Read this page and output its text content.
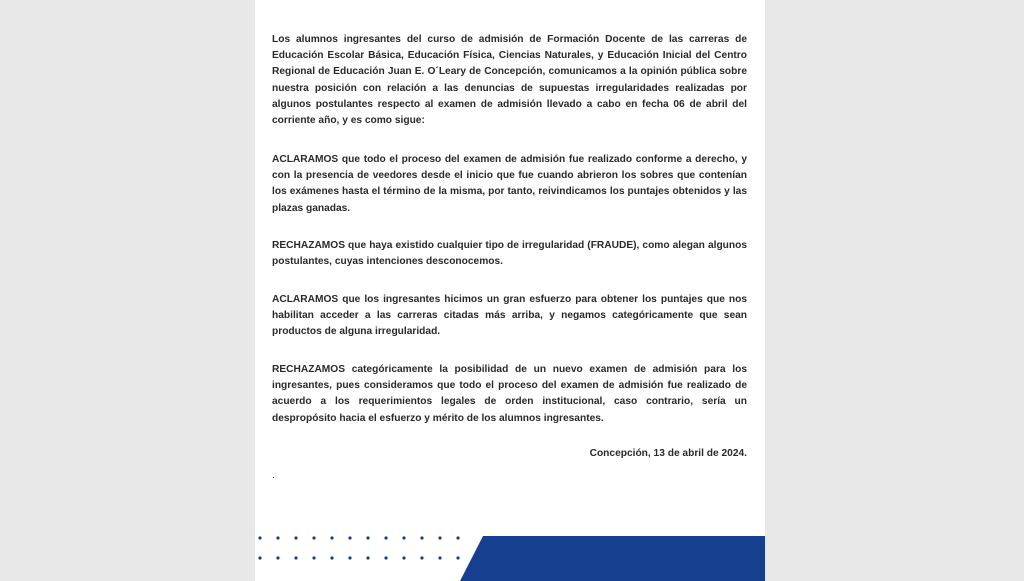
Los alumnos ingresantes del curso de admisión de Formación Docente de las carreras de Educación Escolar Básica, Educación Física, Ciencias Naturales, y Educación Inicial del Centro Regional de Educación Juan E. O´Leary de Concepción, comunicamos a la opinión pública sobre nuestra posición con relación a las denuncias de supuestas irregularidades realizadas por algunos postulantes respecto al examen de admisión llevado a cabo en fecha 06 de abril del corriente año, y es como sigue:

ACLARAMOS que todo el proceso del examen de admisión fue realizado conforme a derecho, y con la presencia de veedores desde el inicio que fue cuando abrieron los sobres que contenían los exámenes hasta el término de la misma, por tanto, reivindicamos los puntajes obtenidos y las plazas ganadas.

RECHAZAMOS que haya existido cualquier tipo de irregularidad (FRAUDE), como alegan algunos postulantes, cuyas intenciones desconocemos.

ACLARAMOS que los ingresantes hicimos un gran esfuerzo para obtener los puntajes que nos habilitan acceder a las carreras citadas más arriba, y negamos categóricamente que sean productos de alguna irregularidad.

RECHAZAMOS categóricamente la posibilidad de un nuevo examen de admisión para los ingresantes, pues consideramos que todo el proceso del examen de admisión fue realizado de acuerdo a los requerimientos legales de orden institucional, caso contrario, sería un despropósito hacia el esfuerzo y mérito de los alumnos ingresantes.

Concepción, 13 de abril de 2024.

.
